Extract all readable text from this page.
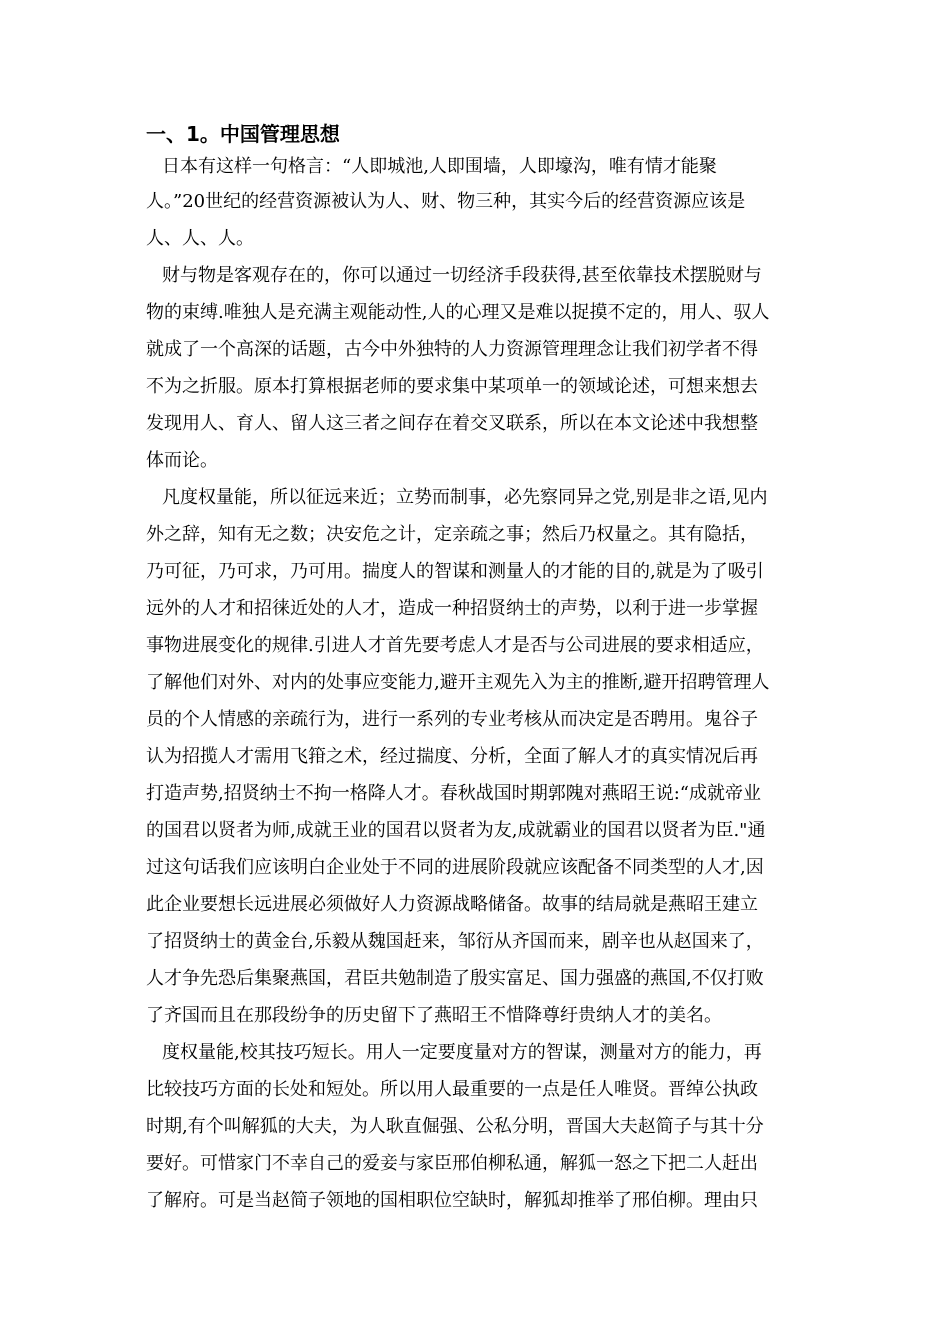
一、1。中国管理思想
日本有这样一句格言：“人即城池,人即围墙，人即壕沟，唯有情才能聚
人。”20世纪的经营资源被认为人、财、物三种，其实今后的经营资源应该是
人、人、人。
财与物是客观存在的，你可以通过一切经济手段获得,甚至依靠技术摆脱财与
物的束缚.唯独人是充满主观能动性,人的心理又是难以捉摸不定的，用人、驭人
就成了一个高深的话题，古今中外独特的人力资源管理理念让我们初学者不得
不为之折服。原本打算根据老师的要求集中某项单一的领域论述，可想来想去
发现用人、育人、留人这三者之间存在着交叉联系，所以在本文论述中我想整
体而论。
凡度权量能，所以征远来近；立势而制事，必先察同异之党,别是非之语,见内
外之辞，知有无之数；决安危之计，定亲疏之事；然后乃权量之。其有隐括，
乃可征，乃可求，乃可用。揣度人的智谋和测量人的才能的目的,就是为了吸引
远外的人才和招徕近处的人才，造成一种招贤纳士的声势，以利于进一步掌握
事物进展变化的规律.引进人才首先要考虑人才是否与公司进展的要求相适应，
了解他们对外、对内的处事应变能力,避开主观先入为主的推断,避开招聘管理人
员的个人情感的亲疏行为，进行一系列的专业考核从而决定是否聘用。鬼谷子
认为招揽人才需用飞箝之术，经过揣度、分析，全面了解人才的真实情况后再
打造声势,招贤纳士不拘一格降人才。春秋战国时期郭隗对燕昭王说:“成就帝业
的国君以贤者为师,成就王业的国君以贤者为友,成就霸业的国君以贤者为臣."通
过这句话我们应该明白企业处于不同的进展阶段就应该配备不同类型的人才,因
此企业要想长远进展必须做好人力资源战略储备。故事的结局就是燕昭王建立
了招贤纳士的黄金台,乐毅从魏国赶来，邹衍从齐国而来，剧辛也从赵国来了，
人才争先恐后集聚燕国，君臣共勉制造了殷实富足、国力强盛的燕国,不仅打败
了齐国而且在那段纷争的历史留下了燕昭王不惜降尊纡贵纳人才的美名。
度权量能,校其技巧短长。用人一定要度量对方的智谋，测量对方的能力，再
比较技巧方面的长处和短处。所以用人最重要的一点是任人唯贤。晋绰公执政
时期,有个叫解狐的大夫，为人耿直倔强、公私分明，晋国大夫赵简子与其十分
要好。可惜家门不幸自己的爱妾与家臣邢伯柳私通，解狐一怒之下把二人赶出
了解府。可是当赵简子领地的国相职位空缺时，解狐却推举了邢伯柳。理由只
